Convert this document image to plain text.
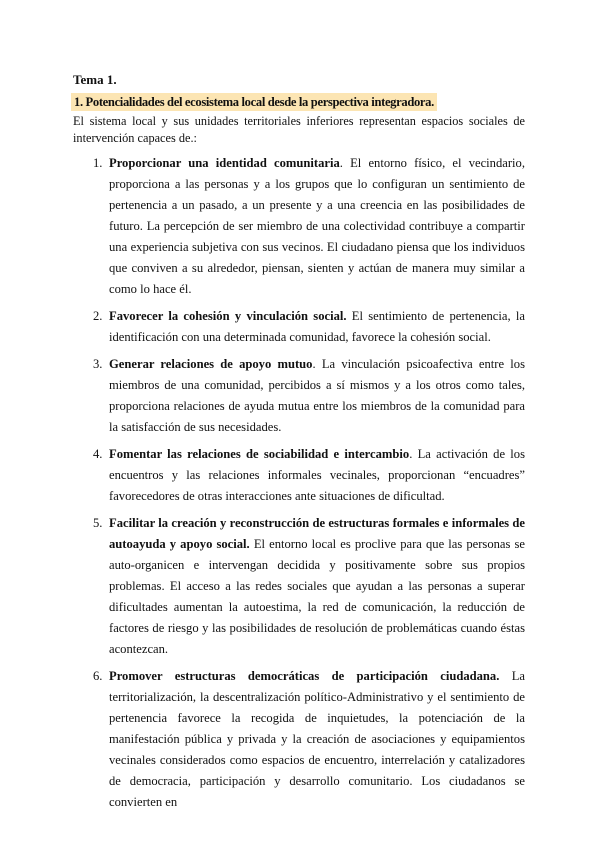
Tema 1.
1. Potencialidades del ecosistema local desde la perspectiva integradora.
El sistema local y sus unidades territoriales inferiores representan espacios sociales de intervención capaces de.:
1. Proporcionar una identidad comunitaria. El entorno físico, el vecindario, proporciona a las personas y a los grupos que lo configuran un sentimiento de pertenencia a un pasado, a un presente y a una creencia en las posibilidades de futuro. La percepción de ser miembro de una colectividad contribuye a compartir una experiencia subjetiva con sus vecinos. El ciudadano piensa que los individuos que conviven a su alrededor, piensan, sienten y actúan de manera muy similar a como lo hace él.
2. Favorecer la cohesión y vinculación social. El sentimiento de pertenencia, la identificación con una determinada comunidad, favorece la cohesión social.
3. Generar relaciones de apoyo mutuo. La vinculación psicoafectiva entre los miembros de una comunidad, percibidos a sí mismos y a los otros como tales, proporciona relaciones de ayuda mutua entre los miembros de la comunidad para la satisfacción de sus necesidades.
4. Fomentar las relaciones de sociabilidad e intercambio. La activación de los encuentros y las relaciones informales vecinales, proporcionan “encuadres” favorecedores de otras interacciones ante situaciones de dificultad.
5. Facilitar la creación y reconstrucción de estructuras formales e informales de autoayuda y apoyo social. El entorno local es proclive para que las personas se auto-organicen e intervengan decidida y positivamente sobre sus propios problemas. El acceso a las redes sociales que ayudan a las personas a superar dificultades aumentan la autoestima, la red de comunicación, la reducción de factores de riesgo y las posibilidades de resolución de problemáticas cuando éstas acontezcan.
6. Promover estructuras democráticas de participación ciudadana. La territorialización, la descentralización político-Administrativo y el sentimiento de pertenencia favorece la recogida de inquietudes, la potenciación de la manifestación pública y privada y la creación de asociaciones y equipamientos vecinales considerados como espacios de encuentro, interrelación y catalizadores de democracia, participación y desarrollo comunitario. Los ciudadanos se convierten en
